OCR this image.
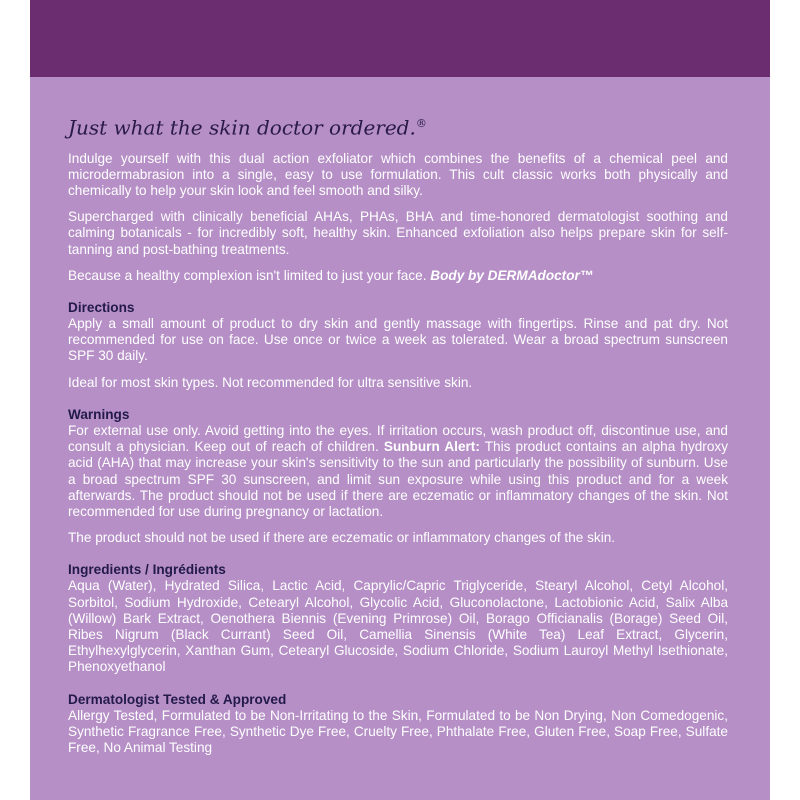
Just what the skin doctor ordered.®

Indulge yourself with this dual action exfoliator which combines the benefits of a chemical peel and microdermabrasion into a single, easy to use formulation. This cult classic works both physically and chemically to help your skin look and feel smooth and silky.

Supercharged with clinically beneficial AHAs, PHAs, BHA and time-honored dermatologist soothing and calming botanicals - for incredibly soft, healthy skin. Enhanced exfoliation also helps prepare skin for self-tanning and post-bathing treatments.

Because a healthy complexion isn't limited to just your face. Body by DERMAdoctor™

Directions

Apply a small amount of product to dry skin and gently massage with fingertips. Rinse and pat dry. Not recommended for use on face. Use once or twice a week as tolerated. Wear a broad spectrum sunscreen SPF 30 daily.

Ideal for most skin types. Not recommended for ultra sensitive skin.

Warnings

For external use only. Avoid getting into the eyes. If irritation occurs, wash product off, discontinue use, and consult a physician. Keep out of reach of children. Sunburn Alert: This product contains an alpha hydroxy acid (AHA) that may increase your skin's sensitivity to the sun and particularly the possibility of sunburn. Use a broad spectrum SPF 30 sunscreen, and limit sun exposure while using this product and for a week afterwards. The product should not be used if there are eczematic or inflammatory changes of the skin. Not recommended for use during pregnancy or lactation.

The product should not be used if there are eczematic or inflammatory changes of the skin.

Ingredients / Ingrédients

Aqua (Water), Hydrated Silica, Lactic Acid, Caprylic/Capric Triglyceride, Stearyl Alcohol, Cetyl Alcohol, Sorbitol, Sodium Hydroxide, Cetearyl Alcohol, Glycolic Acid, Gluconolactone, Lactobionic Acid, Salix Alba (Willow) Bark Extract, Oenothera Biennis (Evening Primrose) Oil, Borago Officianalis (Borage) Seed Oil, Ribes Nigrum (Black Currant) Seed Oil, Camellia Sinensis (White Tea) Leaf Extract, Glycerin, Ethylhexylglycerin, Xanthan Gum, Cetearyl Glucoside, Sodium Chloride, Sodium Lauroyl Methyl Isethionate, Phenoxyethanol

Dermatologist Tested & Approved

Allergy Tested, Formulated to be Non-Irritating to the Skin, Formulated to be Non Drying, Non Comedogenic, Synthetic Fragrance Free, Synthetic Dye Free, Cruelty Free, Phthalate Free, Gluten Free, Soap Free, Sulfate Free, No Animal Testing
